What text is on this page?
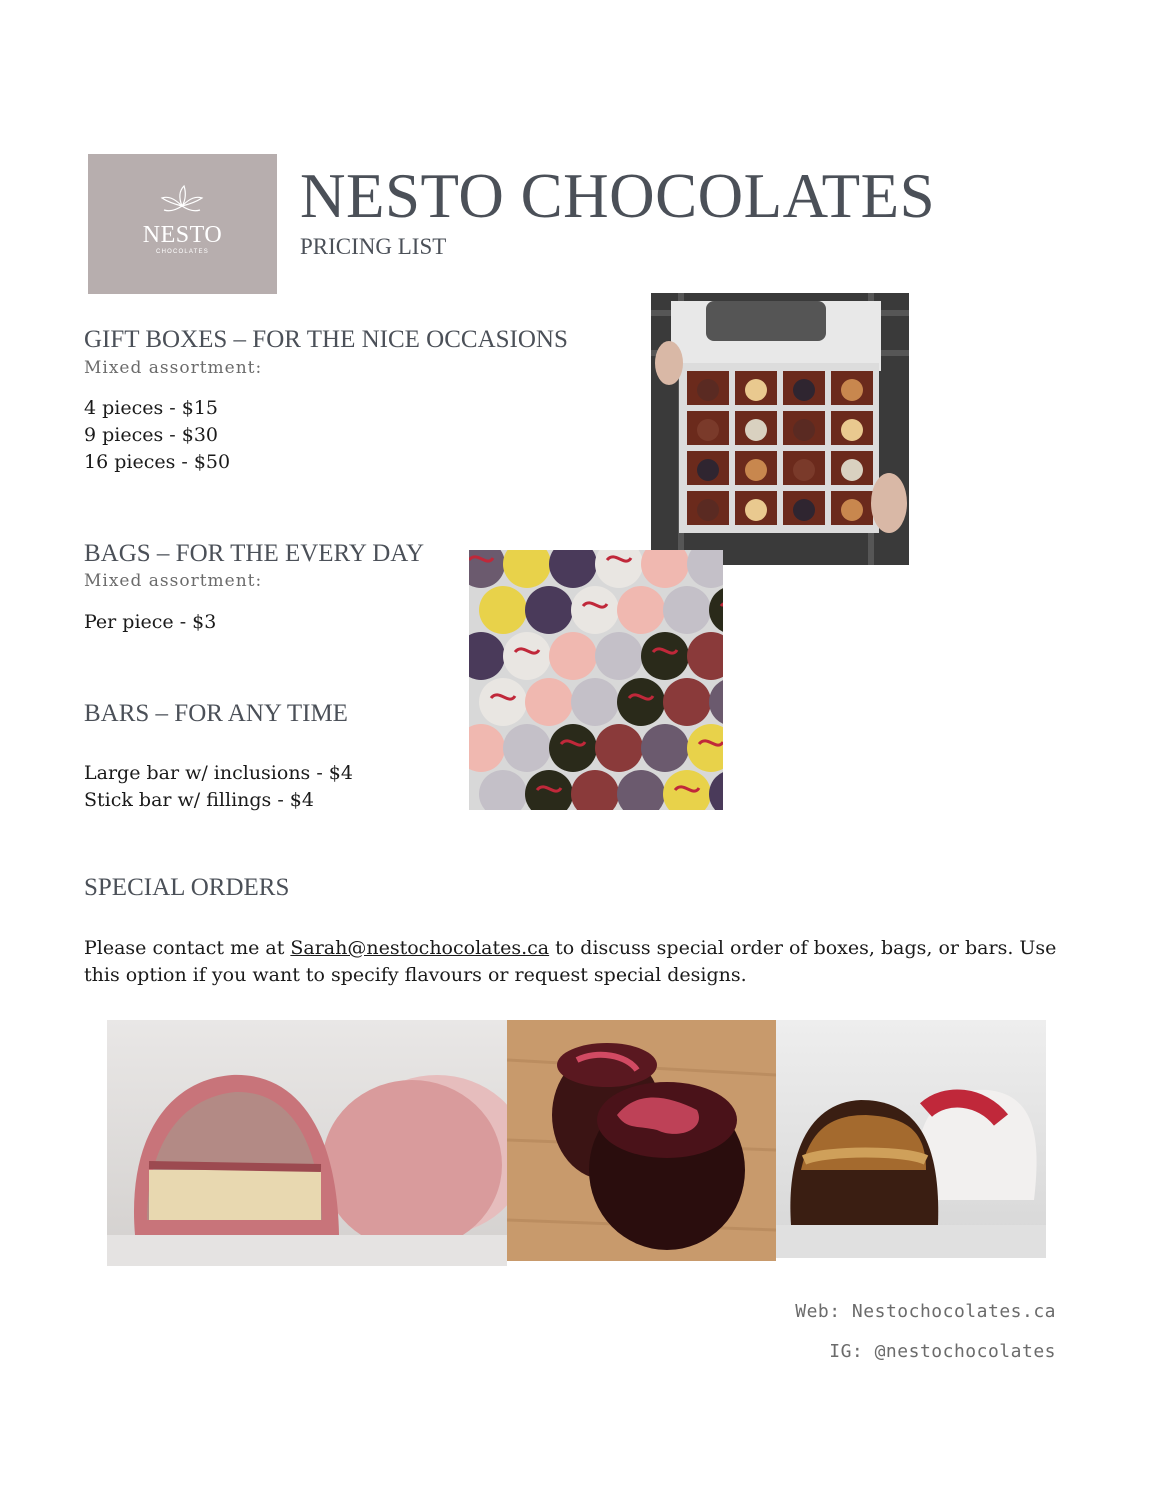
NESTO
CHOCOLATES
NESTO CHOCOLATES
PRICING LIST
GIFT BOXES – FOR THE NICE OCCASIONS
Mixed assortment:
4 pieces - $15
9 pieces - $30
16 pieces - $50
BAGS – FOR THE EVERY DAY
Mixed assortment:
Per piece - $3
BARS – FOR ANY TIME
Large bar w/ inclusions - $4
Stick bar w/ fillings - $4
SPECIAL ORDERS
Please contact me at Sarah@nestochocolates.ca to discuss special order of boxes, bags, or bars. Use this option if you want to specify flavours or request special designs.
Web: Nestochocolates.ca
IG: @nestochocolates
